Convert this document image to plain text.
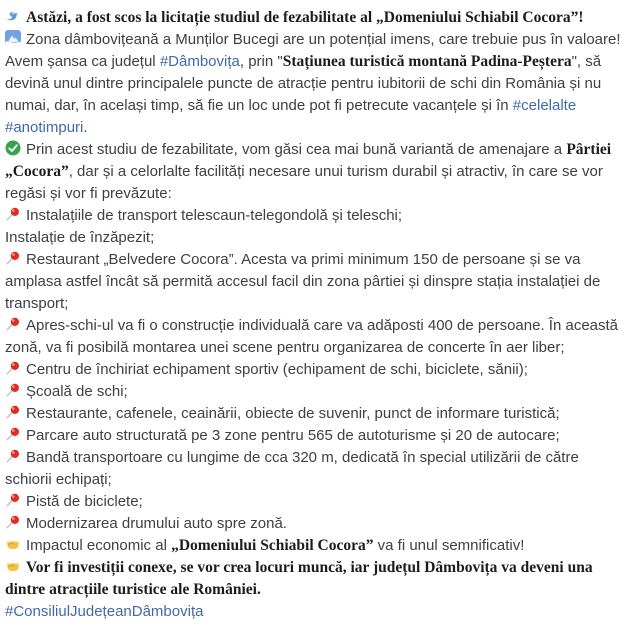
Astăzi, a fost scos la licitație studiul de fezabilitate al „Domeniului Schiabil Cocora”!

Zona dâmbovițeană a Munților Bucegi are un potențial imens, care trebuie pus în valoare! Avem șansa ca județul #Dâmbovița, prin "Stațiunea turistică montană Padina-Peștera", să devină unul dintre principalele puncte de atracție pentru iubitorii de schi din România și nu numai, dar, în același timp, să fie un loc unde pot fi petrecute vacanțele și în #celelalte #anotimpuri.

Prin acest studiu de fezabilitate, vom găsi cea mai bună variantă de amenajare a Pârtiei „Cocora”, dar și a celorlalte facilități necesare unui turism durabil și atractiv, în care se vor regăsi și vor fi prevăzute:

Instalațiile de transport telescaun-telegondolă și teleschi;

Instalație de înzăpezit;

Restaurant „Belvedere Cocora”. Acesta va primi minimum 150 de persoane și se va amplasa astfel încât să permită accesul facil din zona pârtiei și dinspre stația instalației de transport;

Apres-schi-ul va fi o construcție individuală care va adăposti 400 de persoane. În această zonă, va fi posibilă montarea unei scene pentru organizarea de concerte în aer liber;

Centru de închiriat echipament sportiv (echipament de schi, biciclete, sănii);

Școală de schi;

Restaurante, cafenele, ceainării, obiecte de suvenir, punct de informare turistică;

Parcare auto structurată pe 3 zone pentru 565 de autoturisme și 20 de autocare;

Bandă transportoare cu lungime de cca 320 m, dedicată în special utilizării de către schiorii echipați;

Pistă de biciclete;

Modernizarea drumului auto spre zonă.

Impactul economic al „Domeniului Schiabil Cocora” va fi unul semnificativ!

Vor fi investiții conexe, se vor crea locuri muncă, iar județul Dâmbovița va deveni una dintre atracțiile turistice ale României.

#ConsiliulJudețeanDâmbovița
